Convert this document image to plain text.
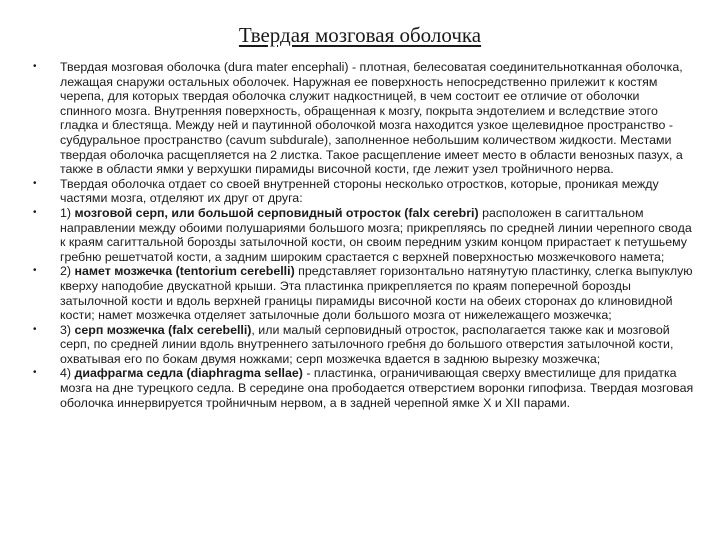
Твердая мозговая оболочка
• Твердая мозговая оболочка (dura mater encephali) - плотная, белесоватая соединительнотканная оболочка, лежащая снаружи остальных оболочек. Наружная ее поверхность непосредственно прилежит к костям черепа, для которых твердая оболочка служит надкостницей, в чем состоит ее отличие от оболочки спинного мозга. Внутренняя поверхность, обращенная к мозгу, покрыта эндотелием и вследствие этого гладка и блестяща. Между ней и паутинной оболочкой мозга находится узкое щелевидное пространство - субдуральное пространство (cavum subdurale), заполненное небольшим количеством жидкости. Местами твердая оболочка расщепляется на 2 листка. Такое расщепление имеет место в области венозных пазух, а также в области ямки у верхушки пирамиды височной кости, где лежит узел тройничного нерва.
• Твердая оболочка отдает со своей внутренней стороны несколько отростков, которые, проникая между частями мозга, отделяют их друг от друга:
• 1) мозговой серп, или большой серповидный отросток (falx cerebri) расположен в сагиттальном направлении между обоими полушариями большого мозга; прикрепляясь по средней линии черепного свода к краям сагиттальной борозды затылочной кости, он своим передним узким концом прирастает к петушьему гребню решетчатой кости, а задним широким срастается с верхней поверхностью мозжечкового намета;
• 2) намет мозжечка (tentorium cerebelli) представляет горизонтально натянутую пластинку, слегка выпуклую кверху наподобие двускатной крыши. Эта пластинка прикрепляется по краям поперечной борозды затылочной кости и вдоль верхней границы пирамиды височной кости на обеих сторонах до клиновидной кости; намет мозжечка отделяет затылочные доли большого мозга от нижележащего мозжечка;
• 3) серп мозжечка (falx cerebelli), или малый серповидный отросток, располагается также как и мозговой серп, по средней линии вдоль внутреннего затылочного гребня до большого отверстия затылочной кости, охватывая его по бокам двумя ножками; серп мозжечка вдается в заднюю вырезку мозжечка;
• 4) диафрагма седла (diaphragma sellae) - пластинка, ограничивающая сверху вместилище для придатка мозга на дне турецкого седла. В середине она прободается отверстием воронки гипофиза. Твердая мозговая оболочка иннервируется тройничным нервом, а в задней черепной ямке X и XII парами.
